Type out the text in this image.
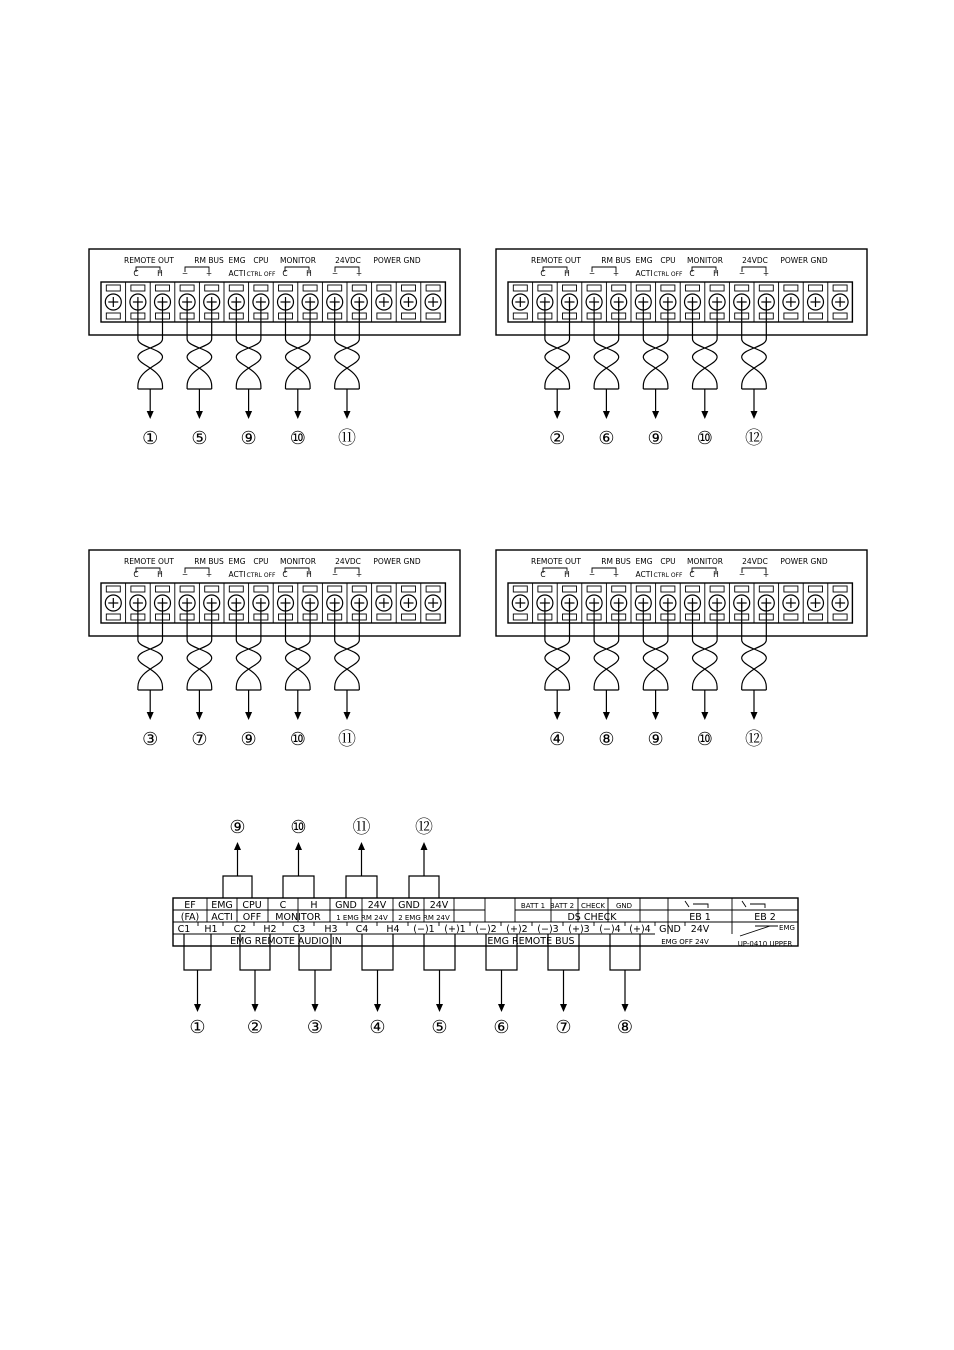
REMOTE OUT	RM BUS EMG CPU MONITOR	24VDC POWER GND
C H	− + ACTI CTRL OFF C H	− +
① ⑤ ⑨ ⑩ ⑪
REMOTE OUT	RM BUS EMG CPU MONITOR	24VDC POWER GND
C H	− + ACTI CTRL OFF C H	− +
② ⑥ ⑨ ⑩ ⑫
REMOTE OUT	RM BUS EMG CPU MONITOR	24VDC POWER GND
C H	− + ACTI CTRL OFF C H	− +
③ ⑦ ⑨ ⑩ ⑪
REMOTE OUT	RM BUS EMG CPU MONITOR	24VDC POWER GND
C H	− + ACTI CTRL OFF C H	− +
④ ⑧ ⑨ ⑩ ⑫
EF EMG CPU C	H GND 24V GND 24V	BATT 1 BATT 2 CHECK GND
(FA) ACTI OFF MONITOR 1 EMG RM 24V 2 EMG RM 24V	DS CHECK	EB 1	EB 2
C1 H1 C2 H2 C3 H3 C4 H4 (−)1 (+)1 (−)2 (+)2 (−)3 (+)3 (−)4 (+)4 GND 24V
EMG REMOTE AUDIO IN	EMG REMOTE BUS	EMG OFF 24V	UP-0410 UPPER
EMG
⑨ ⑩	⑪ ⑫
① ② ③	④	⑤	⑥	⑦	⑧
